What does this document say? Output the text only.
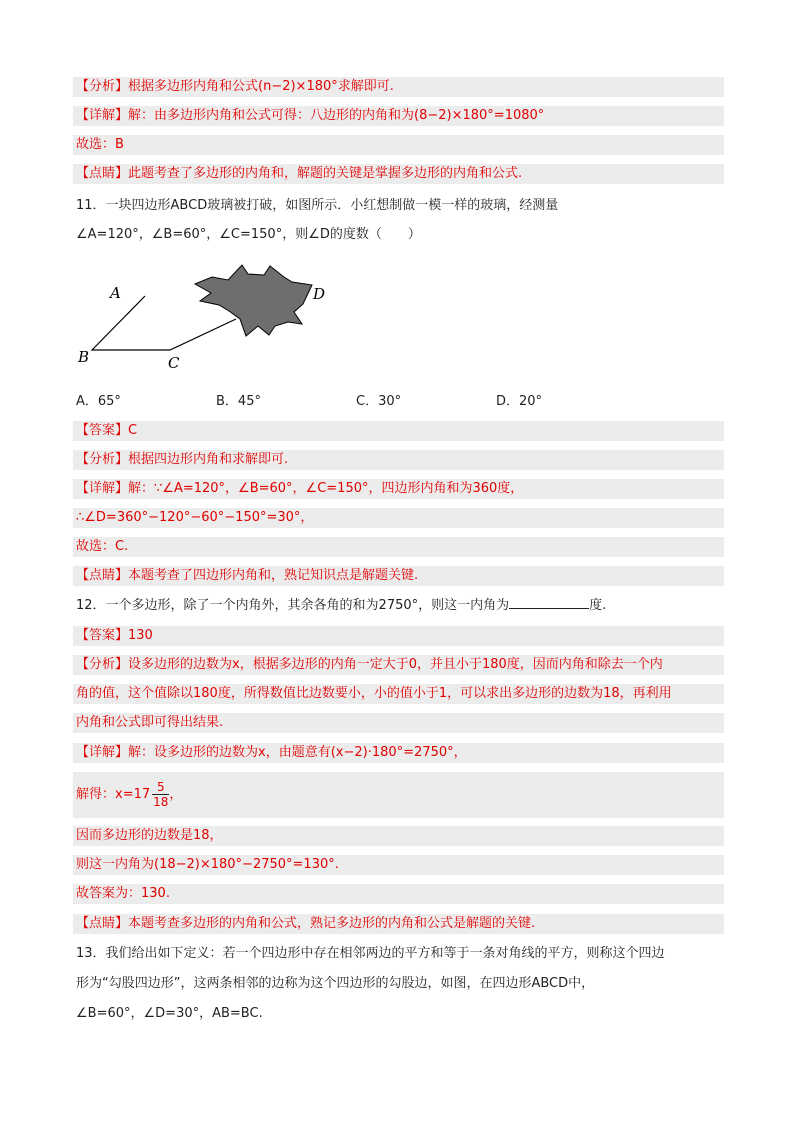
【分析】根据多边形内角和公式(n−2)×180°求解即可.
【详解】解：由多边形内角和公式可得：八边形的内角和为(8−2)×180°=1080°
故选：B
【点睛】此题考查了多边形的内角和，解题的关键是掌握多边形的内角和公式.
11．一块四边形ABCD玻璃被打破，如图所示．小红想制做一模一样的玻璃，经测量
∠A=120°，∠B=60°，∠C=150°，则∠D的度数（　　）
A
B	C
D
A．65°	B．45°	C．30°	D．20°
【答案】C
【分析】根据四边形内角和求解即可.
【详解】解：∵∠A=120°，∠B=60°，∠C=150°，四边形内角和为360度，
∴∠D=360°−120°−60°−150°=30°，
故选：C.
【点睛】本题考查了四边形内角和，熟记知识点是解题关键.
12．一个多边形，除了一个内角外，其余各角的和为2750°，则这一内角为	度.
【答案】130
【分析】设多边形的边数为x，根据多边形的内角一定大于0，并且小于180度，因而内角和除去一个内
角的值，这个值除以180度，所得数值比边数要小，小的值小于1，可以求出多边形的边数为18，再利用
内角和公式即可得出结果.
【详解】解：设多边形的边数为x，由题意有(x−2)·180°=2750°，
解得：$x=17 \frac{5}{18}$ ，
因而多边形的边数是18，
则这一内角为(18−2)×180°−2750°=130°.
故答案为：130.
【点睛】本题考查多边形的内角和公式，熟记多边形的内角和公式是解题的关键.
13．我们给出如下定义：若一个四边形中存在相邻两边的平方和等于一条对角线的平方，则称这个四边
形为“勾股四边形”，这两条相邻的边称为这个四边形的勾股边，如图，在四边形ABCD中，
∠B=60°，∠D=30°，AB=BC.
